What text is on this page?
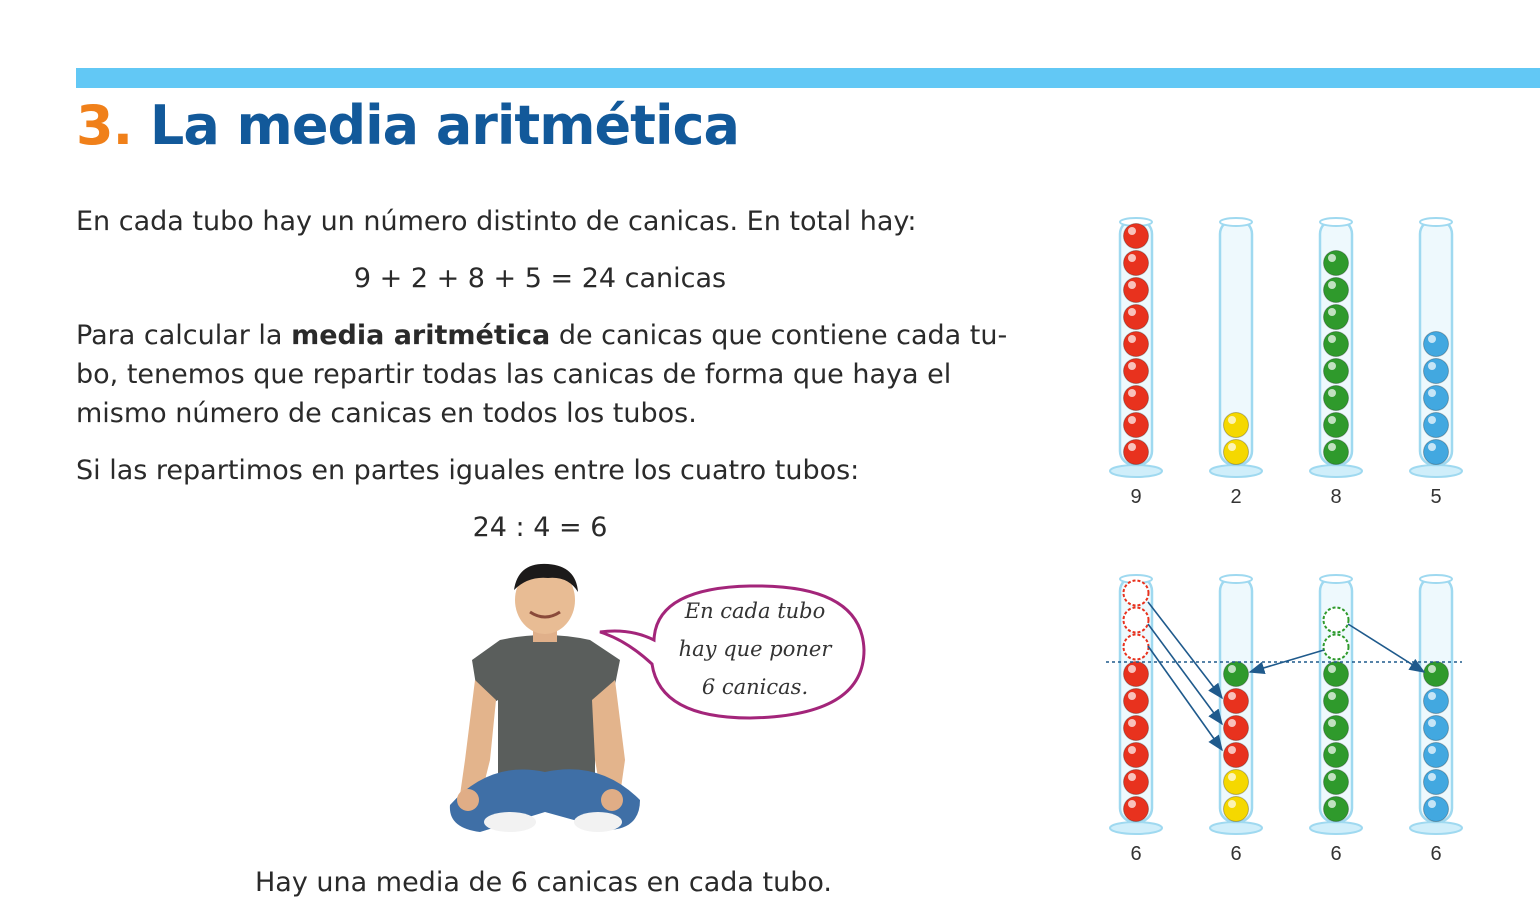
3. La media aritmética

En cada tubo hay un número distinto de canicas. En total hay:

9 + 2 + 8 + 5 = 24 canicas

Para calcular la media aritmética de canicas que contiene cada tu-

bo, tenemos que repartir todas las canicas de forma que haya el

mismo número de canicas en todos los tubos.

Si las repartimos en partes iguales entre los cuatro tubos:

24 : 4 = 6

En cada tubo
hay que poner
6 canicas.

Hay una media de 6 canicas en cada tubo.

9	2	8	5
6	6	6	6
